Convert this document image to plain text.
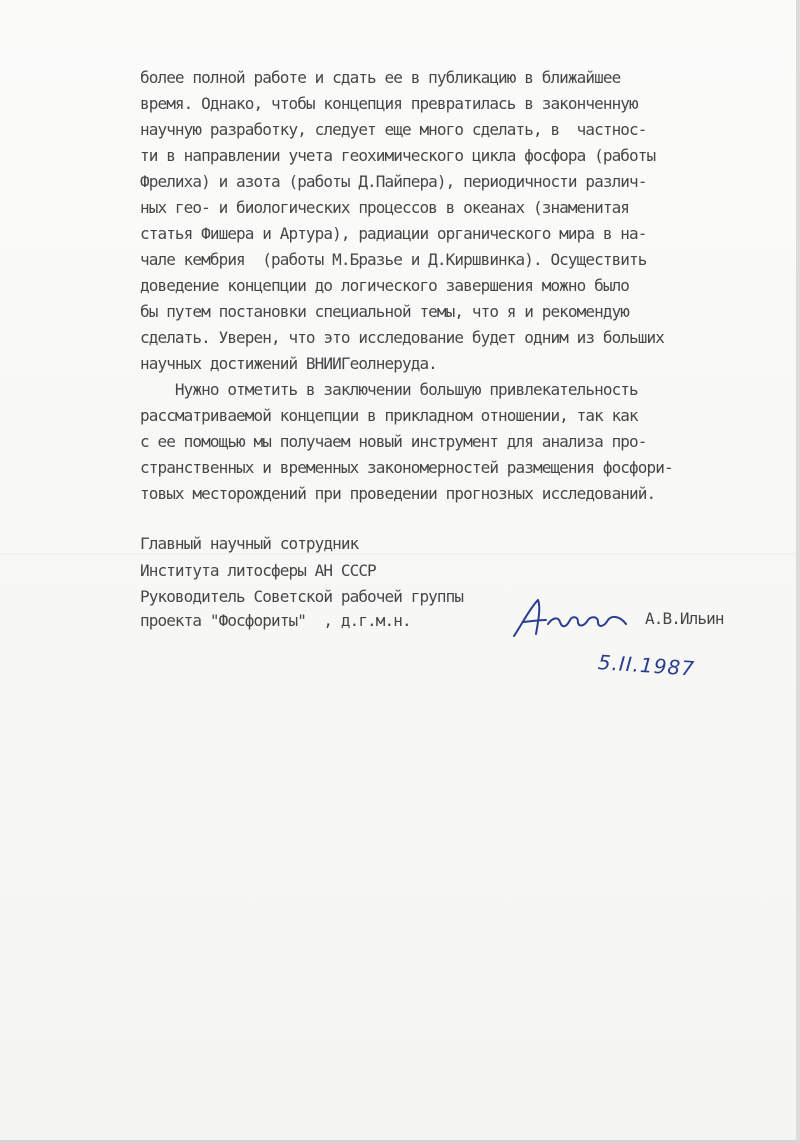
более полной работе и сдать ее в публикацию в ближайшее

время. Однако, чтобы концепция превратилась в законченную

научную разработку, следует еще много сделать, в  частнос-

ти в направлении учета геохимического цикла фосфора (работы

Фрелиха) и азота (работы Д.Пайпера), периодичности различ-

ных гео- и биологических процессов в океанах (знаменитая

статья Фишера и Артура), радиации органического мира в на-

чале кембрия  (работы М.Бразье и Д.Киршвинка). Осуществить

доведение концепции до логического завершения можно было

бы путем постановки специальной темы, что я и рекомендую

сделать. Уверен, что это исследование будет одним из больших

научных достижений ВНИИГеолнеруда.

Нужно отметить в заключении большую привлекательность

рассматриваемой концепции в прикладном отношении, так как

с ее помощью мы получаем новый инструмент для анализа про-

странственных и временных закономерностей размещения фосфори-

товых месторождений при проведении прогнозных исследований.

Главный научный сотрудник

Института литосферы АН СССР

Руководитель Советской рабочей группы

проекта "Фосфориты"  , д.г.м.н.

	А.В.Ильин
5.II.1987
